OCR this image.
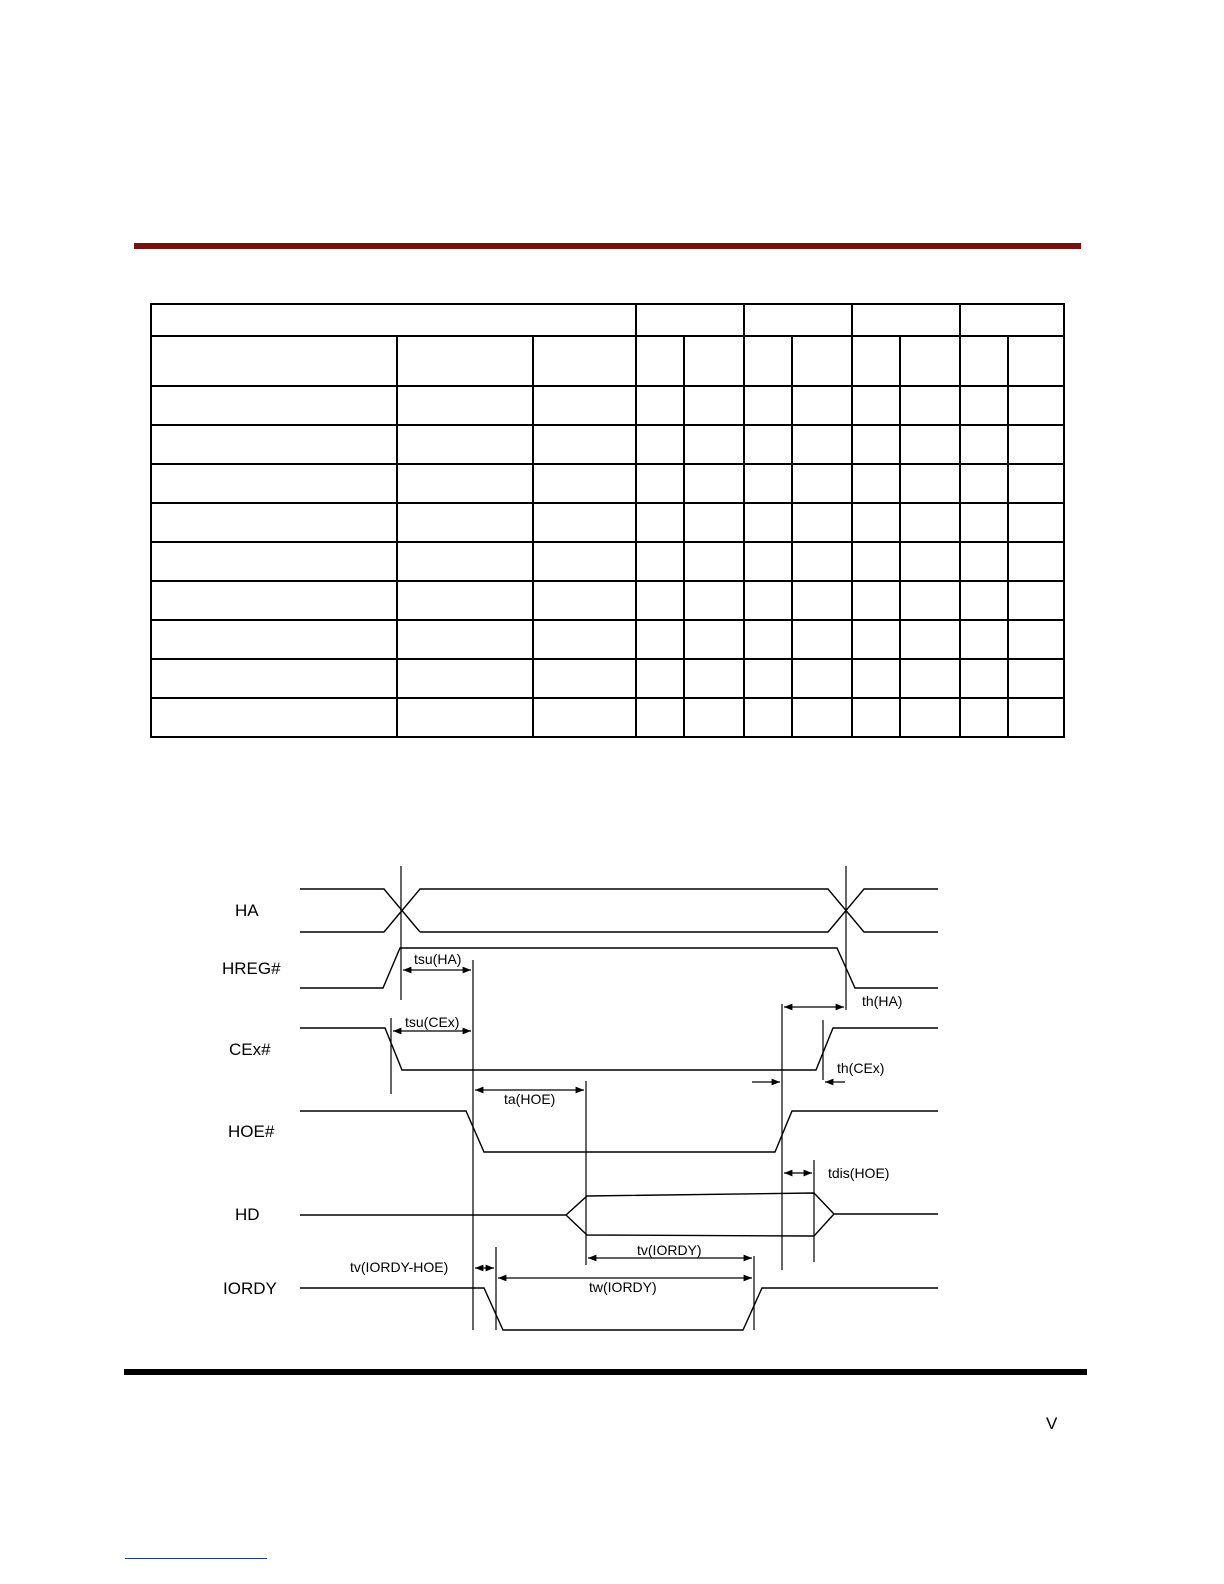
HA
HREG#
CEx#
HOE#
HD
IORDY
tsu(HA)
tsu(CEx)
th(HA)
th(CEx)
ta(HOE)
tdis(HOE)
tv(IORDY)
tv(IORDY-HOE)
tw(IORDY)
V
